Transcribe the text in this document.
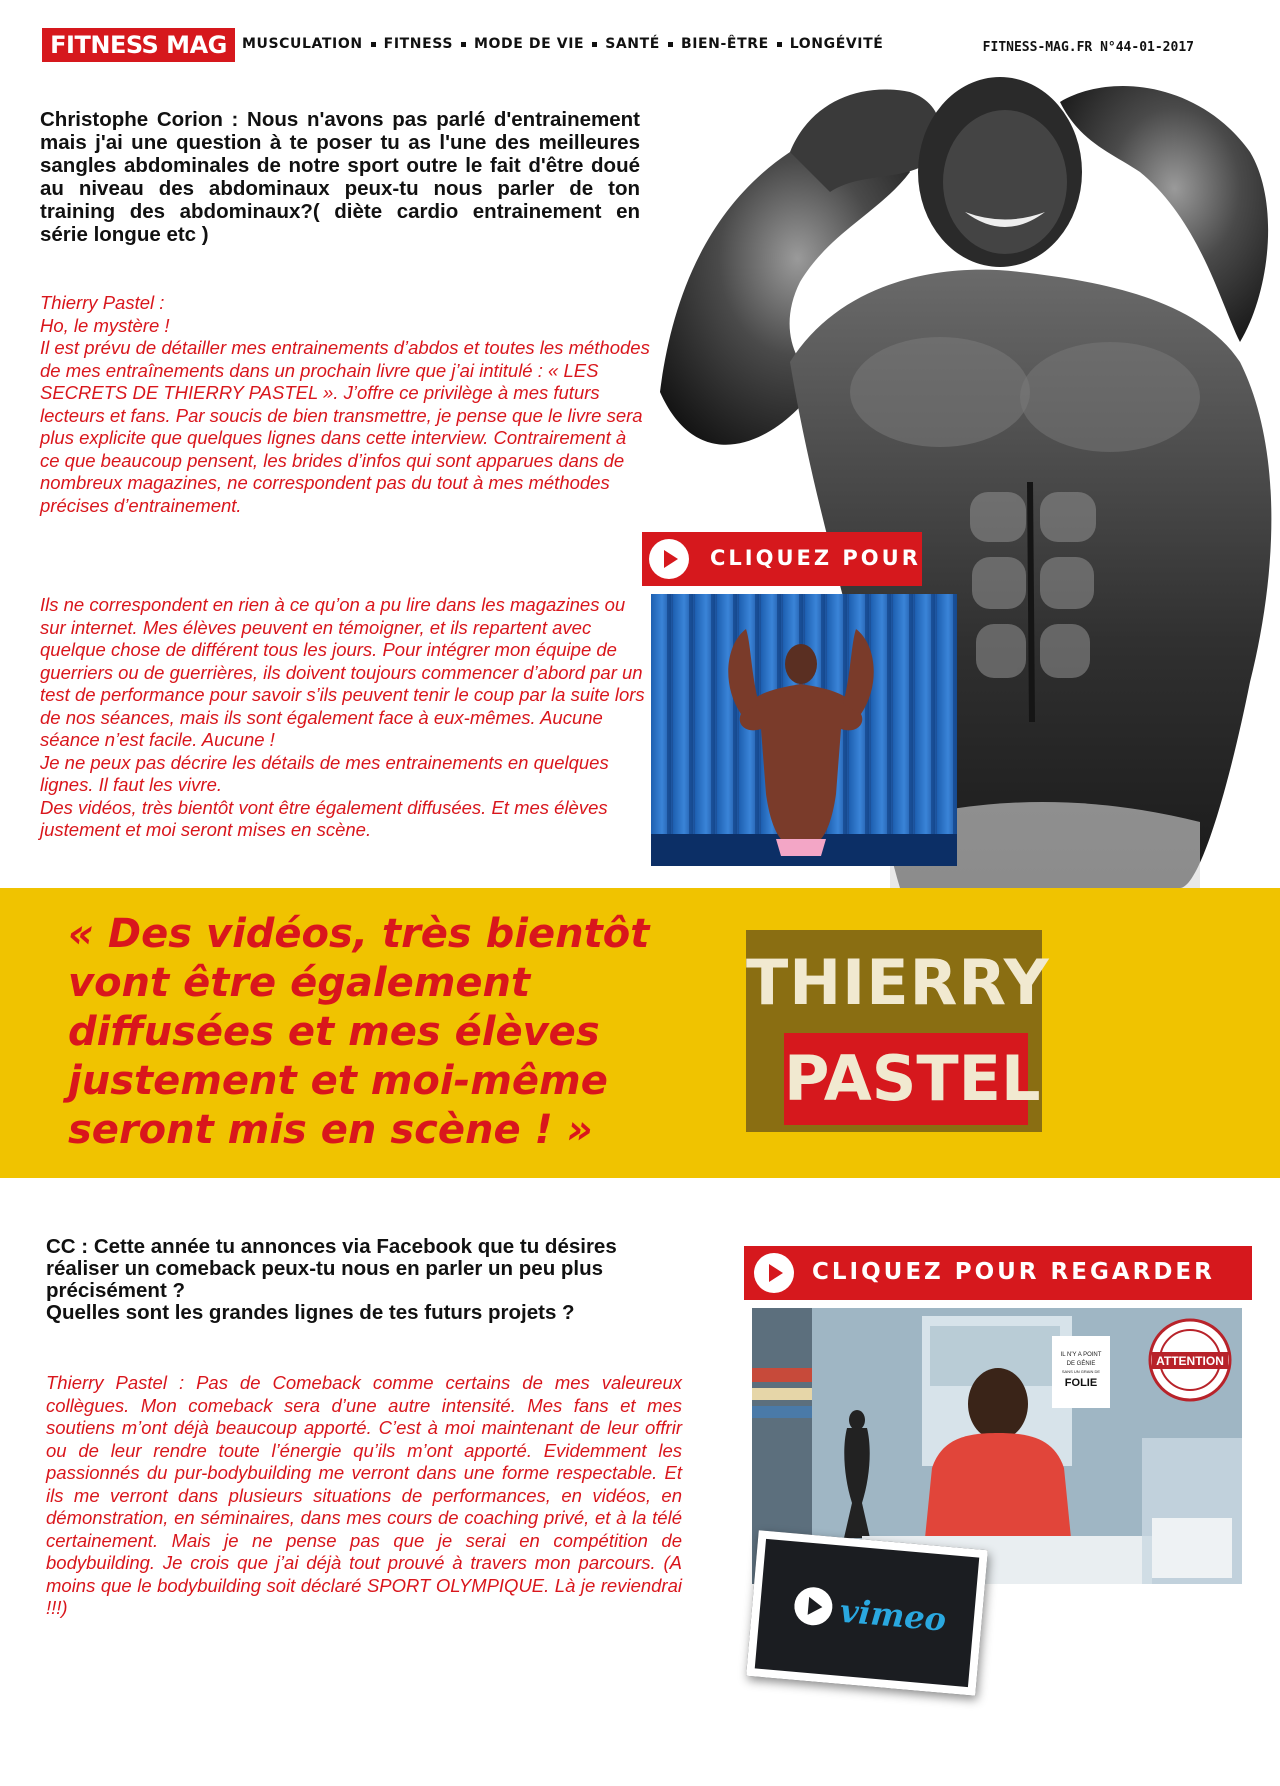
FITNESS MAG	MUSCULATION FITNESS MODE DE VIE SANTÉ BIEN-ÊTRE LONGÉVITÉ	FITNESS-MAG.FR N°44-01-2017
Christophe Corion : Nous n'avons pas parlé d'entrainement mais j'ai une question à te poser tu as l'une des meilleures sangles abdominales de notre sport outre le fait d'être doué au niveau des abdominaux peux-tu nous parler de ton training des abdominaux?( diète cardio entrainement en série longue etc )
Thierry Pastel :
Ho, le mystère !
Il est prévu de détailler mes entrainements d’abdos et toutes les méthodes de mes entraînements dans un prochain livre que j’ai intitulé : « LES SECRETS DE THIERRY PASTEL ». J’offre ce privilège à mes futurs lecteurs et fans. Par soucis de bien transmettre, je pense que le livre sera plus explicite que quelques lignes dans cette interview. Contrairement à ce que beaucoup pensent, les brides d’infos qui sont apparues dans de nombreux magazines, ne correspondent pas du tout à mes méthodes précises d’entrainement.
Ils ne correspondent en rien à ce qu’on a pu lire dans les magazines ou sur internet. Mes élèves peuvent en témoigner, et ils repartent avec quelque chose de différent tous les jours. Pour intégrer mon équipe de guerriers ou de guerrières, ils doivent toujours commencer d’abord par un test de performance pour savoir s’ils peuvent tenir le coup par la suite lors de nos séances, mais ils sont également face à eux-mêmes. Aucune séance n’est facile. Aucune !
Je ne peux pas décrire les détails de mes entrainements en quelques lignes. Il faut les vivre.
Des vidéos, très bientôt vont être également diffusées. Et mes élèves justement et moi seront mises en scène.
CLIQUEZ POUR
« Des vidéos, très bientôt vont être également diffusées et mes élèves justement et moi-même seront mis en scène ! »
THIERRY
PASTEL
CC : Cette année tu annonces via Facebook que tu désires réaliser un comeback peux-tu nous en parler un peu plus précisément ?
Quelles sont les grandes lignes de tes futurs projets ?
Thierry Pastel : Pas de Comeback comme certains de mes valeureux collègues. Mon comeback sera d’une autre intensité. Mes fans et mes soutiens m’ont déjà beaucoup apporté. C’est à moi maintenant de leur offrir ou de leur rendre toute l’énergie qu’ils m’ont apporté. Evidemment les passionnés du pur-bodybuilding me verront dans une forme respectable. Et ils me verront dans plusieurs situations de performances, en vidéos, en démonstration, en séminaires, dans mes cours de coaching privé, et à la télé certainement. Mais je ne pense pas que je serai en compétition de bodybuilding. Je crois que j’ai déjà tout prouvé à travers mon parcours. (A moins que le bodybuilding soit déclaré SPORT OLYMPIQUE. Là je reviendrai !!!)
CLIQUEZ POUR REGARDER
IL N'Y A POINT
DE GÉNIE
SANS UN GRAIN DE
FOLIE
ATTENTION
vimeo
